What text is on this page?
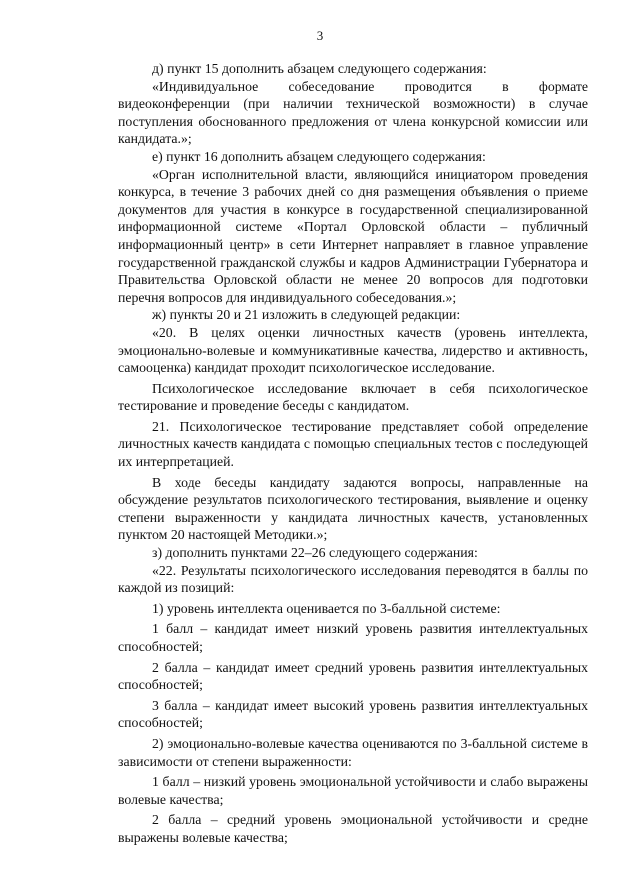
3

д) пункт 15 дополнить абзацем следующего содержания:

«Индивидуальное собеседование проводится в формате видеоконференции (при наличии технической возможности) в случае поступления обоснованного предложения от члена конкурсной комиссии или кандидата.»;

е) пункт 16 дополнить абзацем следующего содержания:

«Орган исполнительной власти, являющийся инициатором проведения конкурса, в течение 3 рабочих дней со дня размещения объявления о приеме документов для участия в конкурсе в государственной специализированной информационной системе «Портал Орловской области – публичный информационный центр» в сети Интернет направляет в главное управление государственной гражданской службы и кадров Администрации Губернатора и Правительства Орловской области не менее 20 вопросов для подготовки перечня вопросов для индивидуального собеседования.»;

ж) пункты 20 и 21 изложить в следующей редакции:

«20. В целях оценки личностных качеств (уровень интеллекта, эмоционально-волевые и коммуникативные качества, лидерство и активность, самооценка) кандидат проходит психологическое исследование.

Психологическое исследование включает в себя психологическое тестирование и проведение беседы с кандидатом.

21. Психологическое тестирование представляет собой определение личностных качеств кандидата с помощью специальных тестов с последующей их интерпретацией.

В ходе беседы кандидату задаются вопросы, направленные на обсуждение результатов психологического тестирования, выявление и оценку степени выраженности у кандидата личностных качеств, установленных пунктом 20 настоящей Методики.»;

з) дополнить пунктами 22–26 следующего содержания:

«22. Результаты психологического исследования переводятся в баллы по каждой из позиций:

1) уровень интеллекта оценивается по 3-балльной системе:

1 балл – кандидат имеет низкий уровень развития интеллектуальных способностей;

2 балла – кандидат имеет средний уровень развития интеллектуальных способностей;

3 балла – кандидат имеет высокий уровень развития интеллектуальных способностей;

2) эмоционально-волевые качества оцениваются по 3-балльной системе в зависимости от степени выраженности:

1 балл – низкий уровень эмоциональной устойчивости и слабо выражены волевые качества;

2 балла – средний уровень эмоциональной устойчивости и средне выражены волевые качества;
